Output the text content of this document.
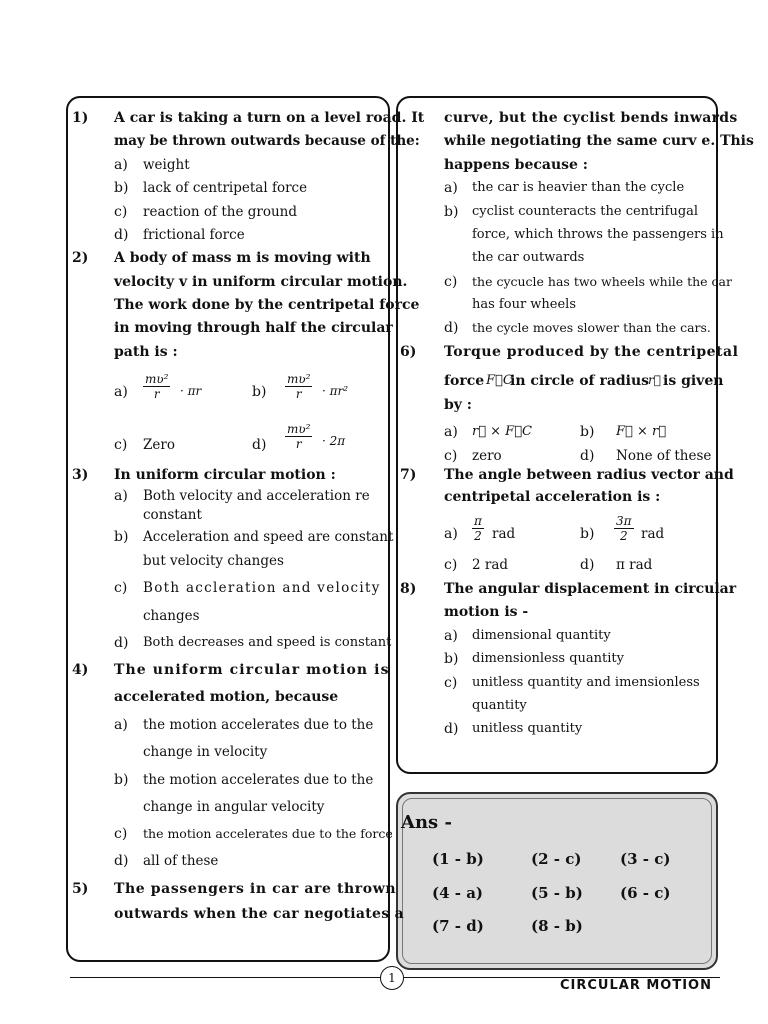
1) A car is taking a turn on a level road. It
may be thrown outwards because of the:
a) weight
b) lack of centripetal force
c) reaction of the ground
d) frictional force
2) A body of mass m is moving with
velocity v in uniform circular motion.
The work done by the centripetal force
in moving through half the circular
path is :
$a) \frac{\text{mʋ²}}{r} \cdot \pi r$	$b) \frac{\text{mʋ²}}{r} \cdot \pi r^2$
c) Zero	$d) \frac{\text{mʋ²}}{r} \cdot 2\pi$
3) In uniform circular motion :
a) Both velocity and acceleration re
constant
b) Acceleration and speed are constant
but velocity changes
c) Both accleration and velocity
changes
d) Both decreases and speed is constant
4) The uniform circular motion is
accelerated motion, because
a) the motion accelerates due to the
change in velocity
b) the motion accelerates due to the
change in angular velocity
c) the motion accelerates due to the force
d) all of these
5) The passengers in car are thrown
outwards when the car negotiates a
curve, but the cyclist bends inwards
while negotiating the same curv e. This
happens because :
a) the car is heavier than the cycle
b) cyclist counteracts the centrifugal
force, which throws the passengers in
the car outwards
c) the cycucle has two wheels while the car
has four wheels
d) the cycle moves slower than the cars.
6) Torque produced by the centripetal
force F⃗C
in circle of radius
r⃗ is given
by :
a) r⃗ × F⃗C	b) F⃗ × r⃗
c) zero	d) None of these
7) The angle between radius vector and
centripetal acceleration is :
$a) \frac{\pi}{2}$ rad	$b) \frac{3\pi}{2}$ rad
c) 2 rad	d) π rad
8) The angular displacement in circular
motion is -
a) dimensional quantity
b) dimensionless quantity
c) unitless quantity and imensionless
quantity
d) unitless quantity
Ans -
(1 - b)	(2 - c)	(3 - c)
(4 - a)	(5 - b) (6 - c)
(7 - d)	(8 - b)
1	CIRCULAR MOTION
